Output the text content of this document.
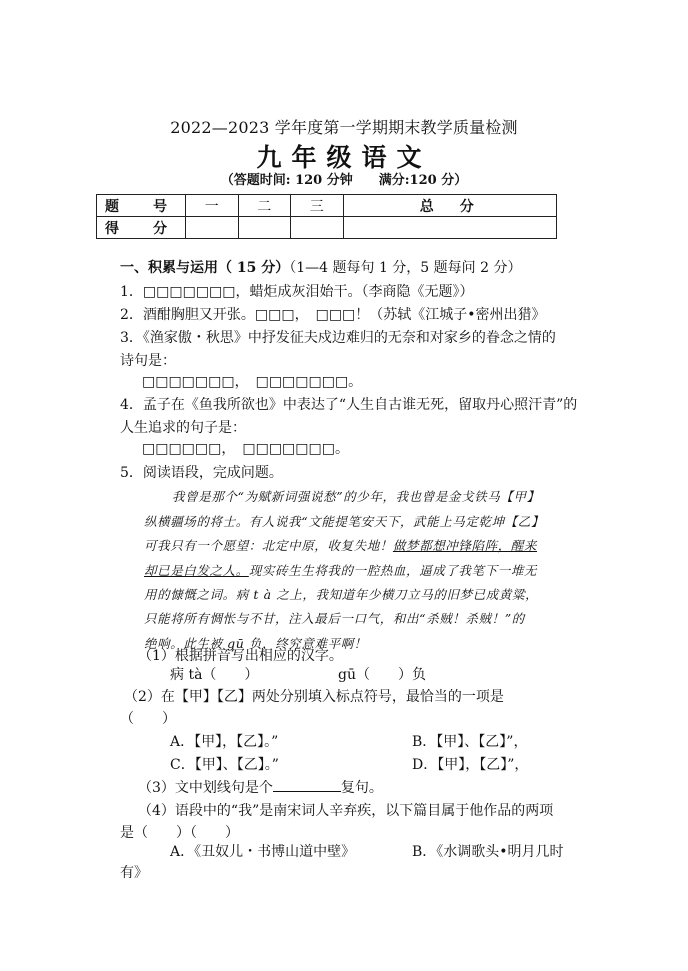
2022—2023 学年度第一学期期末教学质量检测
九年级语文
（答题时间: 120 分钟　　满分:120 分）
题　号	一	二	三	总　分
得　分				
一、积累与运用（ 15 分）（1—4 题每句 1 分，5 题每问 2 分）
1．□□□□□□□，蜡炬成灰泪始干。（李商隐《无题》）
2．酒酣胸胆又开张。□□□，　□□□！（苏轼《江城子•密州出猎》
3．《渔家傲・秋思》中抒发征夫戍边难归的无奈和对家乡的眷念之情的
诗句是：
□□□□□□□，　□□□□□□□。
4．孟子在《鱼我所欲也》中表达了“人生自古谁无死，留取丹心照汗青”的
人生追求的句子是：
□□□□□□，　□□□□□□□。
5．阅读语段，完成问题。
我曾是那个“为赋新词强说愁”的少年，我也曾是金戈铁马【甲】
纵横疆场的将士。有人说我“文能提笔安天下，武能上马定乾坤【乙】
可我只有一个愿望：北定中原，收复失地！做梦都想冲锋陷阵，醒来
却已是白发之人。现实砖生生将我的一腔热血，逼成了我笔下一堆无
用的慷慨之词。病 t à 之上，我知道年少横刀立马的旧梦已成黄粱，
只能将所有惆怅与不甘，注入最后一口气，和出“杀贼！杀贼！”的
绝响。此生被 gū 负，终究意难平啊！
（1）根据拼音写出相应的汉字。
病 tà（　　）	gū（　　）负
（2）在【甲】【乙】两处分别填入标点符号，最恰当的一项是
（　　）
A．【甲】，【乙】。”	B．【甲】、【乙】”，
C．【甲】、【乙】。”	D．【甲】，【乙】”，
（3）文中划线句是个	复句。
（4）语段中的“我”是南宋词人辛弃疾，以下篇目属于他作品的两项
是（　　）（　　）
A．《丑奴儿・书博山道中壁》	B．《水调歌头•明月几时
有》
